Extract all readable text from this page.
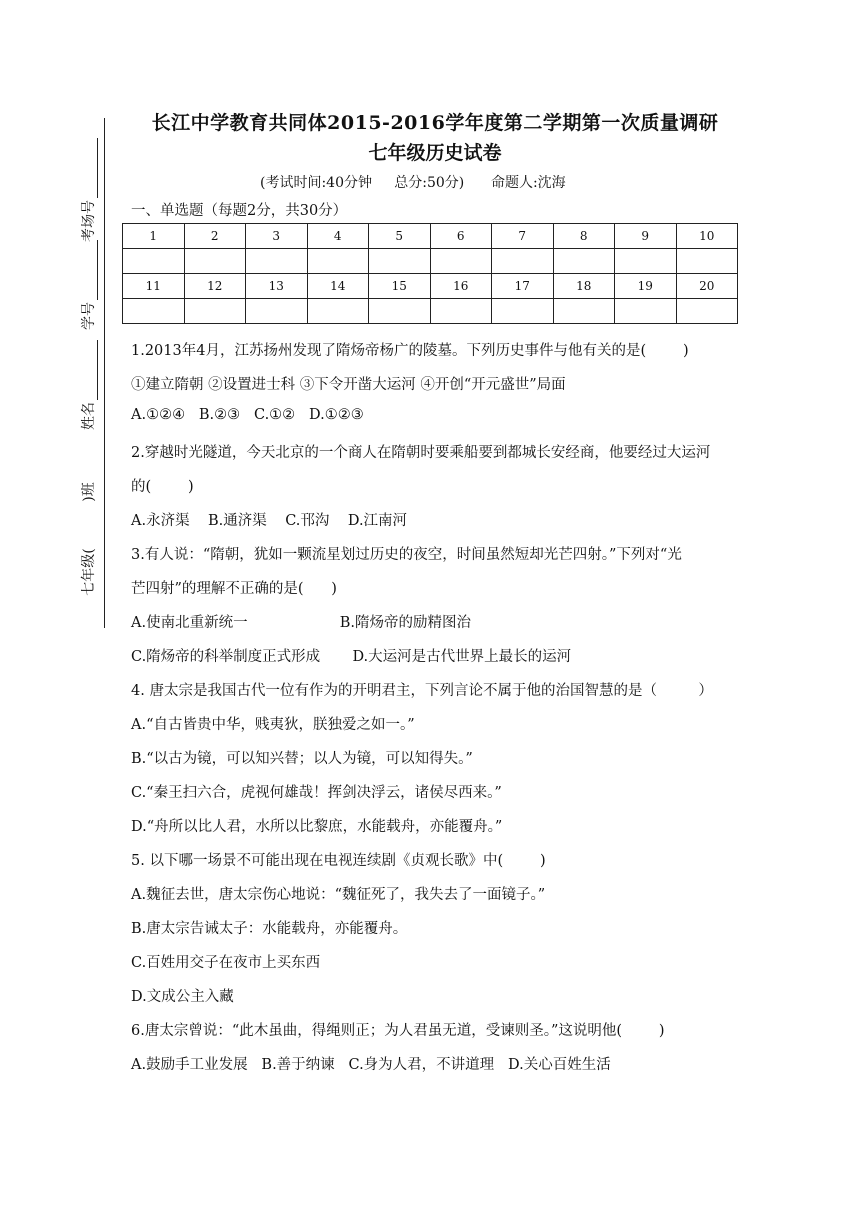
考场号
学号
姓名
)班
七年级(
长江中学教育共同体2015-2016学年度第二学期第一次质量调研
七年级历史试卷
(考试时间:40分钟     总分:50分)      命题人:沈海
一、单选题（每题2分，共30分）
1	2	3	4	5	6	7	8	9	10

11	12	13	14	15	16	17	18	19	20

1.2013年4月，江苏扬州发现了隋炀帝杨广的陵墓。下列历史事件与他有关的是(        )
①建立隋朝 ②设置进士科 ③下令开凿大运河 ④开创“开元盛世”局面
A.①②④   B.②③   C.①②   D.①②③
2.穿越时光隧道，今天北京的一个商人在隋朝时要乘船要到都城长安经商，他要经过大运河
的(        )
A.永济渠    B.通济渠    C.邗沟    D.江南河
3.有人说：“隋朝，犹如一颗流星划过历史的夜空，时间虽然短却光芒四射。”下列对“光
芒四射”的理解不正确的是(      )
A.使南北重新统一                    B.隋炀帝的励精图治
C.隋炀帝的科举制度正式形成       D.大运河是古代世界上最长的运河
4. 唐太宗是我国古代一位有作为的开明君主，下列言论不属于他的治国智慧的是（         ）
A.“自古皆贵中华，贱夷狄，朕独爱之如一。”
B.“以古为镜，可以知兴替；以人为镜，可以知得失。”
C.“秦王扫六合，虎视何雄哉！挥剑决浮云，诸侯尽西来。”
D.“舟所以比人君，水所以比黎庶，水能载舟，亦能覆舟。”
5. 以下哪一场景不可能出现在电视连续剧《贞观长歌》中(        )
A.魏征去世，唐太宗伤心地说：“魏征死了，我失去了一面镜子。”
B.唐太宗告诫太子：水能载舟，亦能覆舟。
C.百姓用交子在夜市上买东西
D.文成公主入藏
6.唐太宗曾说：“此木虽曲，得绳则正；为人君虽无道，受谏则圣。”这说明他(        )
A.鼓励手工业发展   B.善于纳谏   C.身为人君，不讲道理   D.关心百姓生活
